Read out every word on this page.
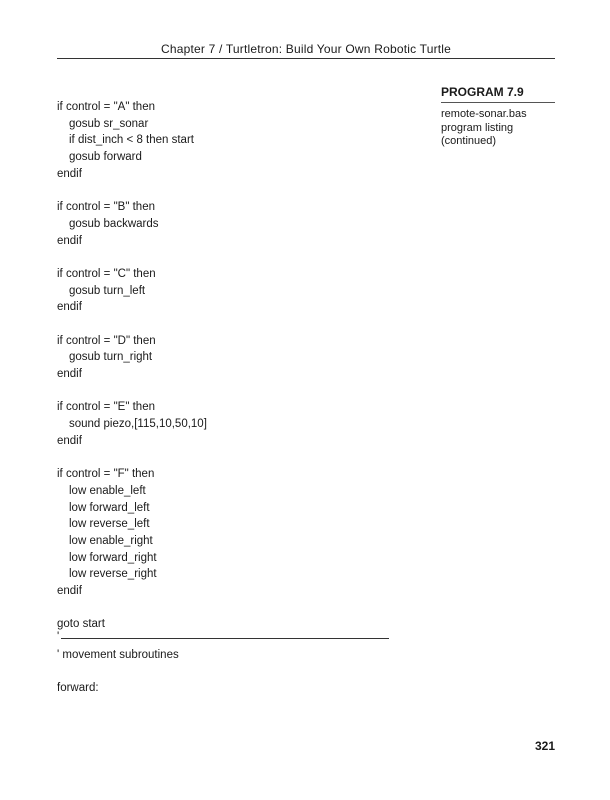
Chapter 7 / Turtletron: Build Your Own Robotic Turtle
PROGRAM 7.9
remote-sonar.bas
program listing
(continued)
if control = "A" then
gosub sr_sonar
if dist_inch < 8 then start
gosub forward
endif
if control = "B" then
gosub backwards
endif
if control = "C" then
gosub turn_left
endif
if control = "D" then
gosub turn_right
endif
if control = "E" then
sound piezo,[115,10,50,10]
endif
if control = "F" then
low enable_left
low forward_left
low reverse_left
low enable_right
low forward_right
low reverse_right
endif
goto start

'

' movement subroutines
forward:
321
